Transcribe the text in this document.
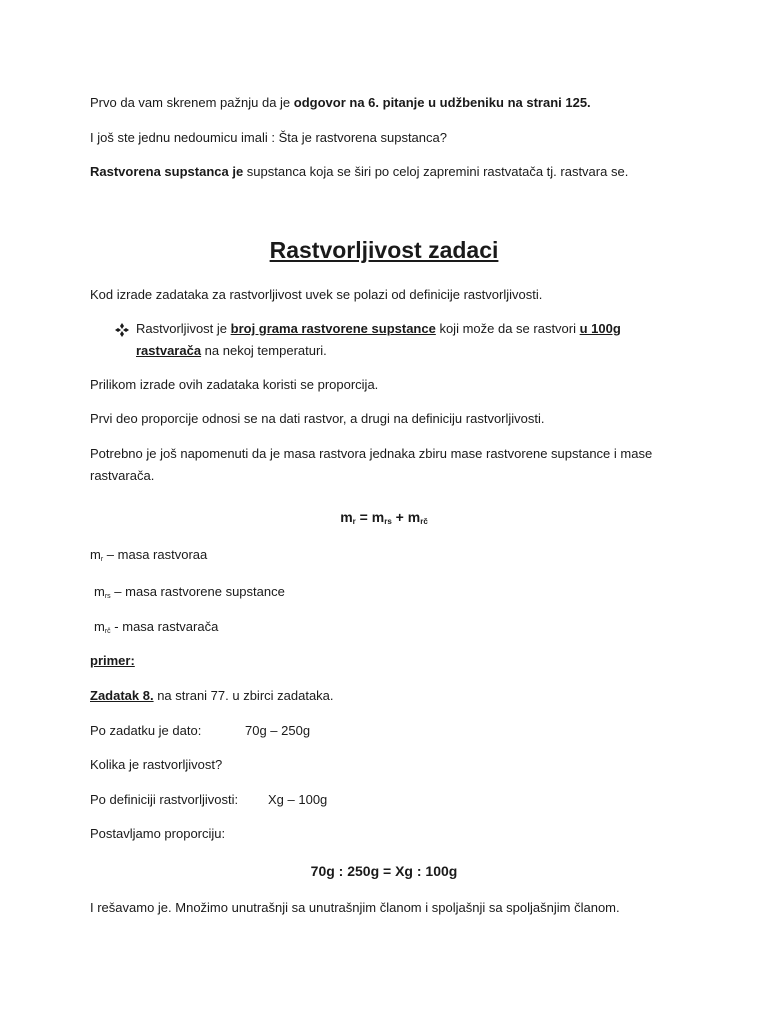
Prvo da vam skrenem pažnju da je odgovor na 6. pitanje u udžbeniku na strani 125.
I još ste jednu nedoumicu imali : Šta je rastvorena supstanca?
Rastvorena supstanca je supstanca koja se širi po celoj zapremini rastvatača tj. rastvara se.
Rastvorljivost zadaci
Kod izrade zadataka za rastvorljivost uvek se polazi od definicije rastvorljivosti.
Rastvorljivost je broj grama rastvorene supstance koji može da se rastvori u 100g rastvarača na nekoj temperaturi.
Prilikom izrade ovih zadataka koristi se proporcija.
Prvi deo proporcije odnosi se na dati rastvor, a drugi na definiciju rastvorljivosti.
Potrebno je još napomenuti da je masa rastvora jednaka zbiru mase rastvorene supstance i mase rastvarača.
$m_r = m_{rs} + m_{rč}$
$m_r$ – masa rastvoraa
$m_{rs}$ – masa rastvorene supstance
$m_{rč}$ - masa rastvarača
primer:
Zadatak 8. na strani 77. u zbirci zadataka.
Po zadatku je dato:	70g – 250g
Kolika je rastvorljivost?
Po definiciji rastvorljivosti: Xg – 100g
Postavljamo proporciju:
70g : 250g = Xg : 100g
I rešavamo je. Množimo unutrašnji sa unutrašnjim članom i spoljašnji sa spoljašnjim članom.
